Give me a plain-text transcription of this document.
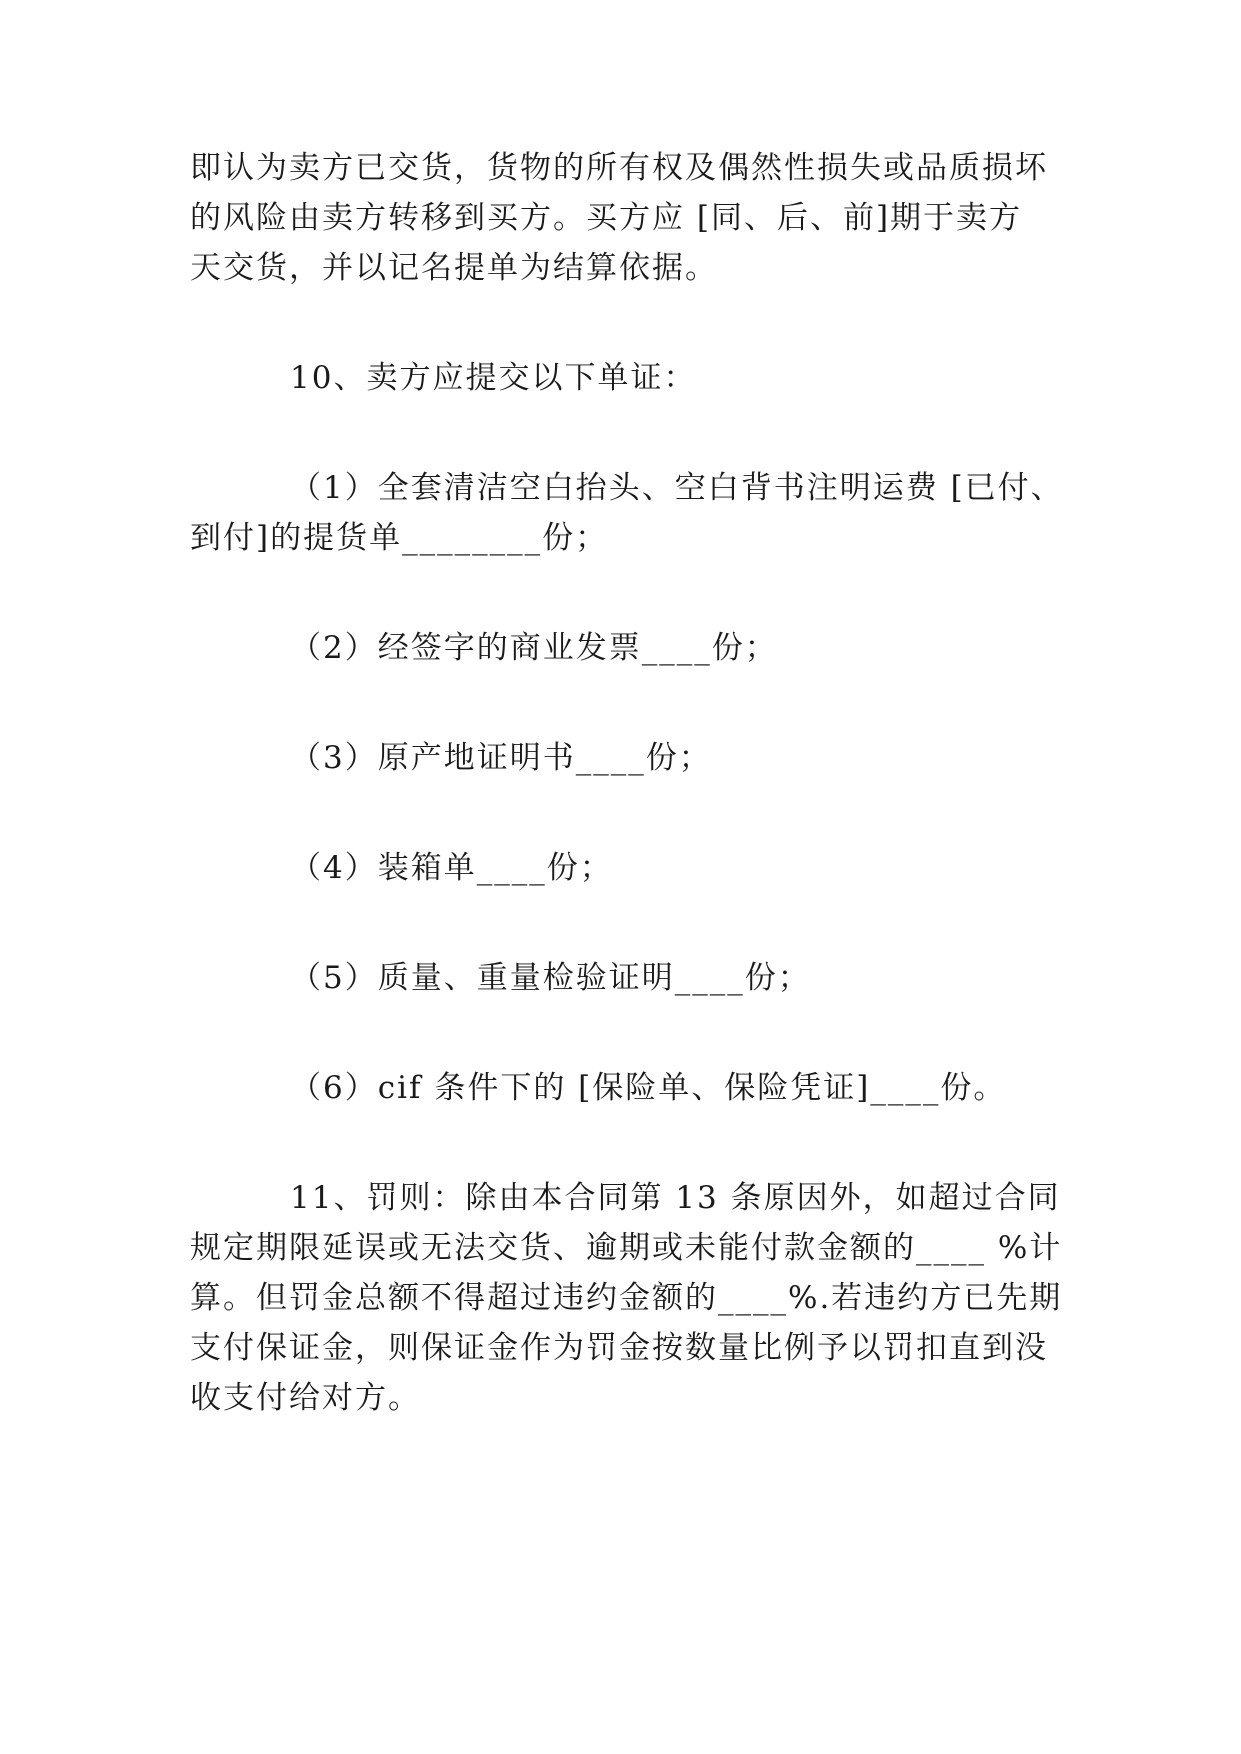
即认为卖方已交货，货物的所有权及偶然性损失或品质损坏
的风险由卖方转移到买方。买方应 [同、后、前]期于卖方
天交货，并以记名提单为结算依据。
10、卖方应提交以下单证：
（1）全套清洁空白抬头、空白背书注明运费 [已付、
到付]的提货单________份；
（2）经签字的商业发票____份；
（3）原产地证明书____份；
（4）装箱单____份；
（5）质量、重量检验证明____份；
（6）cif 条件下的 [保险单、保险凭证]____份。
11、罚则：除由本合同第 13 条原因外，如超过合同
规定期限延误或无法交货、逾期或未能付款金额的____ %计
算。但罚金总额不得超过违约金额的____%.若违约方已先期
支付保证金，则保证金作为罚金按数量比例予以罚扣直到没
收支付给对方。
